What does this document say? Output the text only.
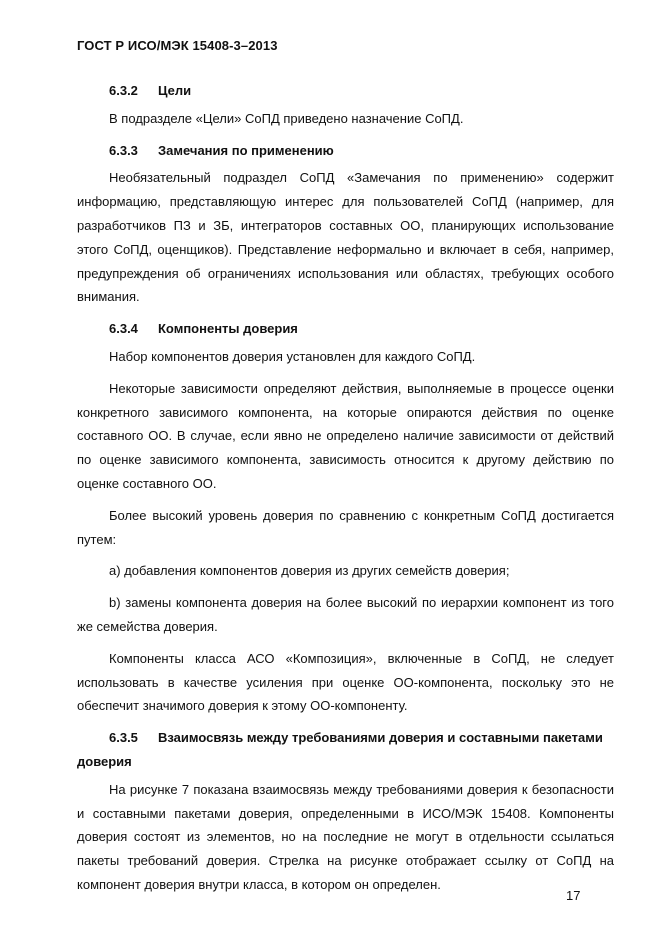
ГОСТ Р ИСО/МЭК 15408-3–2013
6.3.2	Цели

В подразделе «Цели» СоПД приведено назначение СоПД.

6.3.3	Замечания по применению

Необязательный подраздел СоПД «Замечания по применению» содержит информацию, представляющую интерес для пользователей СоПД (например, для разработчиков ПЗ и ЗБ, интеграторов составных ОО, планирующих использование этого СоПД, оценщиков). Представление неформально и включает в себя, например, предупреждения об ограничениях использования или областях, требующих особого внимания.

6.3.4	Компоненты доверия

Набор компонентов доверия установлен для каждого СоПД.

Некоторые зависимости определяют действия, выполняемые в процессе оценки конкретного зависимого компонента, на которые опираются действия по оценке составного ОО. В случае, если явно не определено наличие зависимости от действий по оценке зависимого компонента, зависимость относится к другому действию по оценке составного ОО.

Более высокий уровень доверия по сравнению с конкретным СоПД достигается путем:

а) добавления компонентов доверия из других семейств доверия;

b) замены компонента доверия на более высокий по иерархии компонент из того же семейства доверия.

Компоненты класса АСО «Композиция», включенные в СоПД, не следует использовать в качестве усиления при оценке ОО-компонента, поскольку это не обеспечит значимого доверия к этому ОО-компоненту.

6.3.5 Взаимосвязь между требованиями доверия и составными пакетами доверия

На рисунке 7 показана взаимосвязь между требованиями доверия к безопасности и составными пакетами доверия, определенными в ИСО/МЭК 15408. Компоненты доверия состоят из элементов, но на последние не могут в отдельности ссылаться пакеты требований доверия. Стрелка на рисунке отображает ссылку от СоПД на компонент доверия внутри класса, в котором он определен.

17
